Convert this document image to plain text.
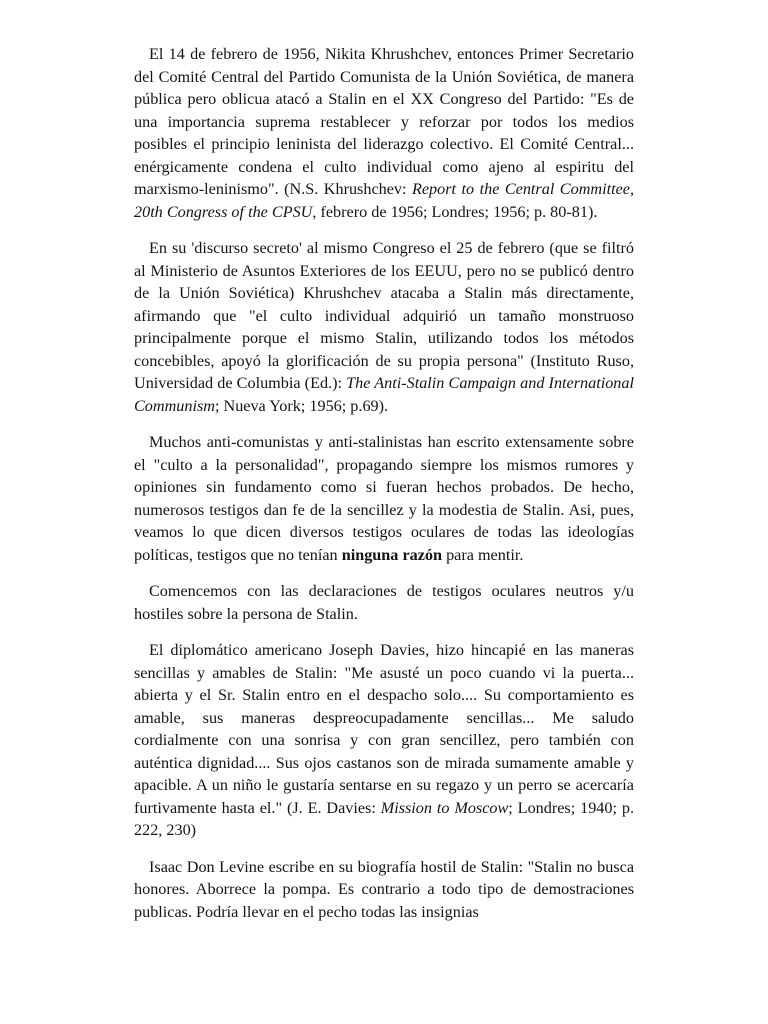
El 14 de febrero de 1956, Nikita Khrushchev, entonces Primer Secretario del Comité Central del Partido Comunista de la Unión Soviética, de manera pública pero oblicua atacó a Stalin en el XX Congreso del Partido: "Es de una importancia suprema restablecer y reforzar por todos los medios posibles el principio leninista del liderazgo colectivo. El Comité Central... enérgicamente condena el culto individual como ajeno al espiritu del marxismo-leninismo". (N.S. Khrushchev: Report to the Central Committee, 20th Congress of the CPSU, febrero de 1956; Londres; 1956; p. 80-81).

En su 'discurso secreto' al mismo Congreso el 25 de febrero (que se filtró al Ministerio de Asuntos Exteriores de los EEUU, pero no se publicó dentro de la Unión Soviética) Khrushchev atacaba a Stalin más directamente, afirmando que "el culto individual adquirió un tamaño monstruoso principalmente porque el mismo Stalin, utilizando todos los métodos concebibles, apoyó la glorificación de su propia persona" (Instituto Ruso, Universidad de Columbia (Ed.): The Anti-Stalin Campaign and International Communism; Nueva York; 1956; p.69).

Muchos anti-comunistas y anti-stalinistas han escrito extensamente sobre el "culto a la personalidad", propagando siempre los mismos rumores y opiniones sin fundamento como si fueran hechos probados. De hecho, numerosos testigos dan fe de la sencillez y la modestia de Stalin. Asi, pues, veamos lo que dicen diversos testigos oculares de todas las ideologías políticas, testigos que no tenían ninguna razón para mentir.

Comencemos con las declaraciones de testigos oculares neutros y/u hostiles sobre la persona de Stalin.

El diplomático americano Joseph Davies, hizo hincapié en las maneras sencillas y amables de Stalin: "Me asusté un poco cuando vi la puerta... abierta y el Sr. Stalin entro en el despacho solo.... Su comportamiento es amable, sus maneras despreocupadamente sencillas... Me saludo cordialmente con una sonrisa y con gran sencillez, pero también con auténtica dignidad.... Sus ojos castanos son de mirada sumamente amable y apacible. A un niño le gustaría sentarse en su regazo y un perro se acercaría furtivamente hasta el." (J. E. Davies: Mission to Moscow; Londres; 1940; p. 222, 230)

Isaac Don Levine escribe en su biografía hostil de Stalin: "Stalin no busca honores. Aborrece la pompa. Es contrario a todo tipo de demostraciones publicas. Podría llevar en el pecho todas las insignias
